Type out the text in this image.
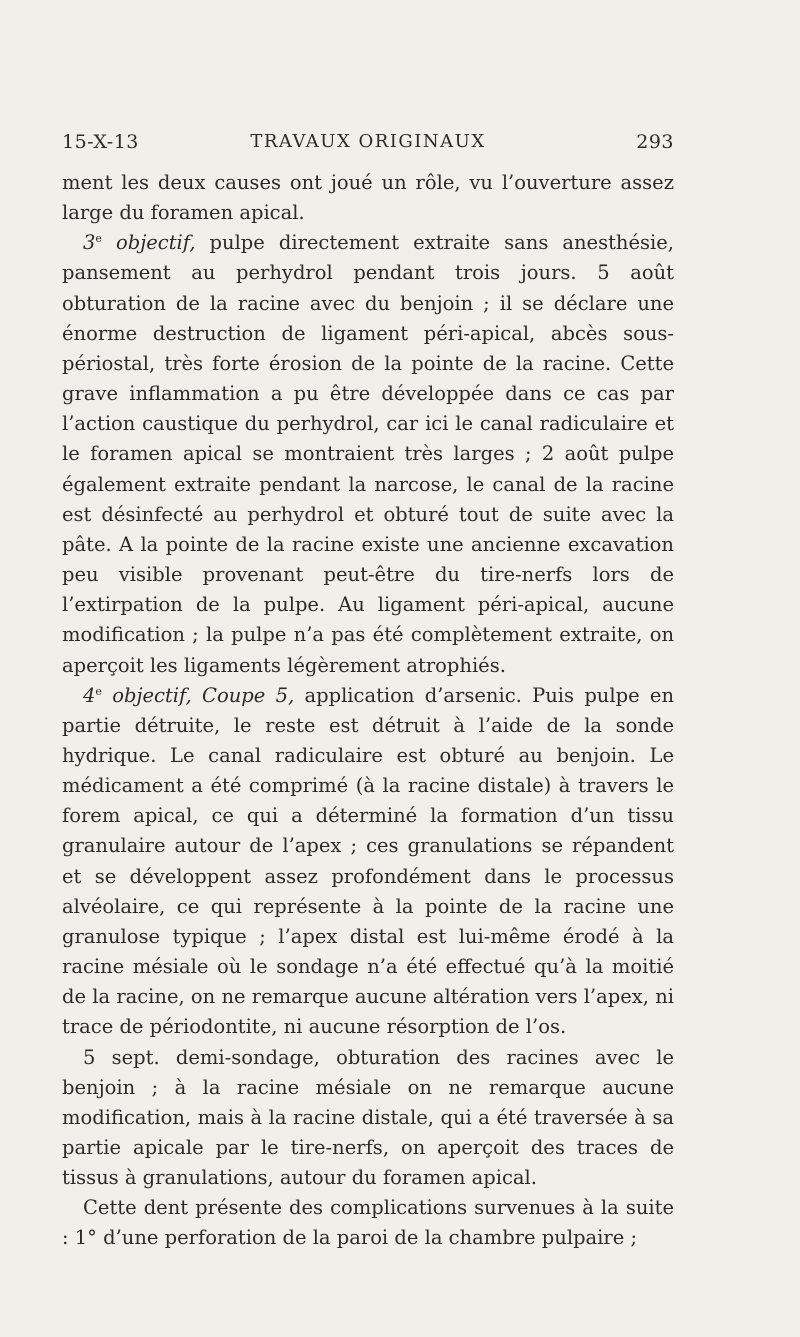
15-X-13	TRAVAUX ORIGINAUX	293

ment les deux causes ont joué un rôle, vu l’ouverture assez large du foramen apical.

3e objectif, pulpe directement extraite sans anesthésie, pansement au perhydrol pendant trois jours. 5 août obturation de la racine avec du benjoin ; il se déclare une énorme destruction de ligament péri-apical, abcès sous-périostal, très forte érosion de la pointe de la racine. Cette grave inflammation a pu être développée dans ce cas par l’action caustique du perhydrol, car ici le canal radiculaire et le foramen apical se montraient très larges ; 2 août pulpe également extraite pendant la narcose, le canal de la racine est désinfecté au perhydrol et obturé tout de suite avec la pâte. A la pointe de la racine existe une ancienne excavation peu visible provenant peut-être du tire-nerfs lors de l’extirpation de la pulpe. Au ligament péri-apical, aucune modification ; la pulpe n’a pas été complètement extraite, on aperçoit les ligaments légèrement atrophiés.

4e objectif, Coupe 5, application d’arsenic. Puis pulpe en partie détruite, le reste est détruit à l’aide de la sonde hydrique. Le canal radiculaire est obturé au benjoin. Le médicament a été comprimé (à la racine distale) à travers le forem apical, ce qui a déterminé la formation d’un tissu granulaire autour de l’apex ; ces granulations se répandent et se développent assez profondément dans le processus alvéolaire, ce qui représente à la pointe de la racine une granulose typique ; l’apex distal est lui-même érodé à la racine mésiale où le sondage n’a été effectué qu’à la moitié de la racine, on ne remarque aucune altération vers l’apex, ni trace de périodontite, ni aucune résorption de l’os.

5 sept. demi-sondage, obturation des racines avec le benjoin ; à la racine mésiale on ne remarque aucune modification, mais à la racine distale, qui a été traversée à sa partie apicale par le tire-nerfs, on aperçoit des traces de tissus à granulations, autour du foramen apical.

Cette dent présente des complications survenues à la suite : 1° d’une perforation de la paroi de la chambre pulpaire ;
